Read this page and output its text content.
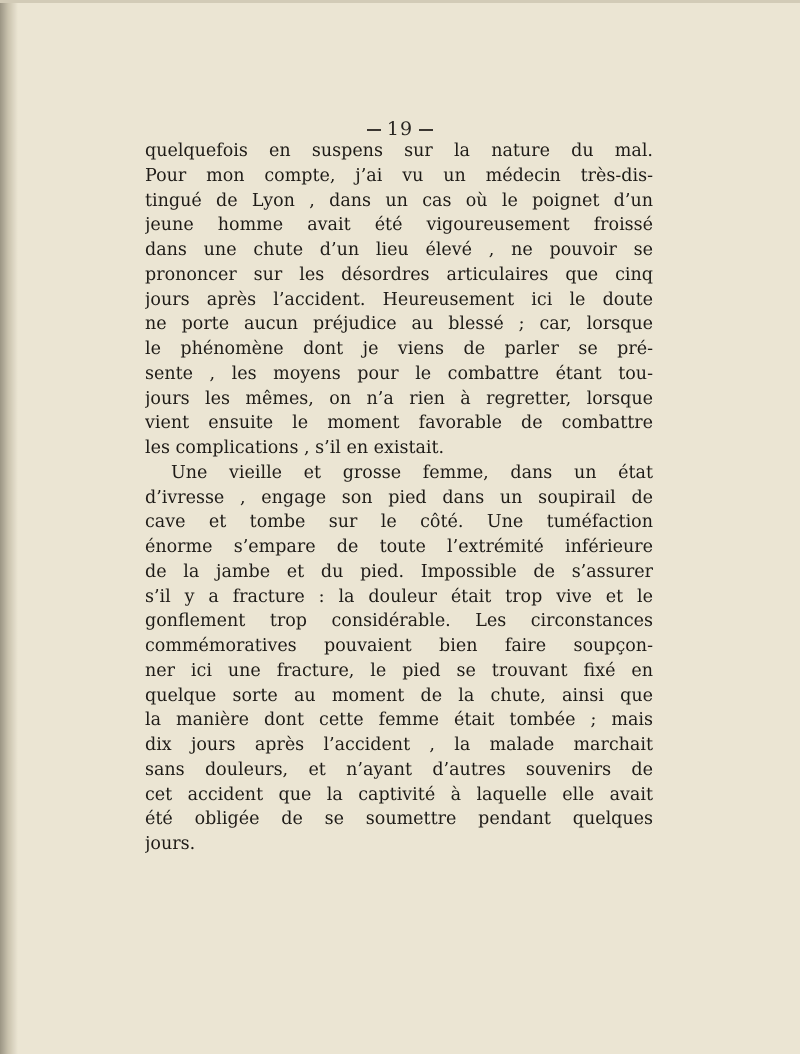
19
quelquefois en suspens sur la nature du mal.
Pour mon compte, j’ai vu un médecin très-dis-
tingué de Lyon , dans un cas où le poignet d’un
jeune homme avait été vigoureusement froissé
dans une chute d’un lieu élevé , ne pouvoir se
prononcer sur les désordres articulaires que cinq
jours après l’accident. Heureusement ici le doute
ne porte aucun préjudice au blessé ; car, lorsque
le phénomène dont je viens de parler se pré-
sente , les moyens pour le combattre étant tou-
jours les mêmes, on n’a rien à regretter, lorsque
vient ensuite le moment favorable de combattre
les complications , s’il en existait.
Une vieille et grosse femme, dans un état
d’ivresse , engage son pied dans un soupirail de
cave et tombe sur le côté. Une tuméfaction
énorme s’empare de toute l’extrémité inférieure
de la jambe et du pied. Impossible de s’assurer
s’il y a fracture : la douleur était trop vive et le
gonflement trop considérable. Les circonstances
commémoratives pouvaient bien faire soupçon-
ner ici une fracture, le pied se trouvant fixé en
quelque sorte au moment de la chute, ainsi que
la manière dont cette femme était tombée ; mais
dix jours après l’accident , la malade marchait
sans douleurs, et n’ayant d’autres souvenirs de
cet accident que la captivité à laquelle elle avait
été obligée de se soumettre pendant quelques
jours.
